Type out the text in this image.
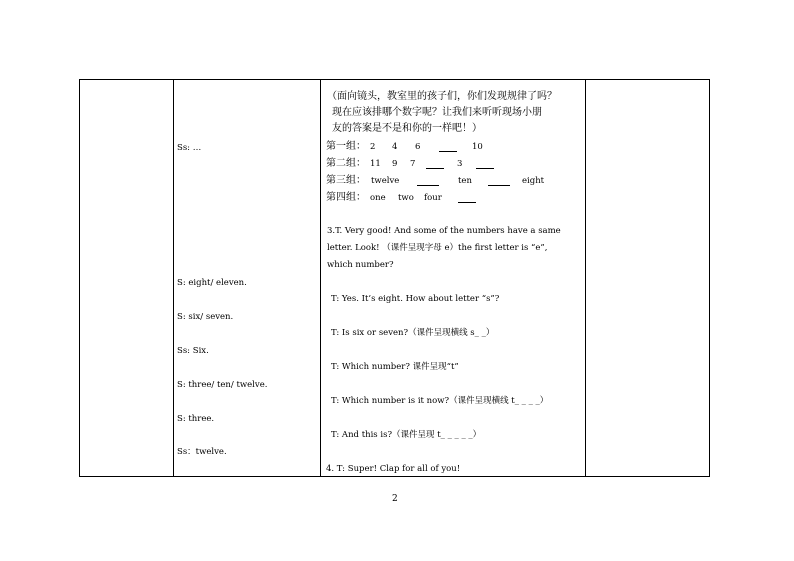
Ss: …
S: eight/ eleven.
S: six/ seven.
Ss: Six.
S: three/ ten/ twelve.
S: three.
Ss：twelve.
（面向镜头，教室里的孩子们，你们发现规律了吗？
现在应该排哪个数字呢？让我们来听听现场小朋
友的答案是不是和你的一样吧！）
第一组： 2 4 6	10
第二组： 11 9 7	3
第三组： twelve	ten	eight
第四组： one two four
3.T. Very good! And some of the numbers have a same
letter. Look! （课件呈现字母 e）the first letter is “e”,
which number?
T: Yes. It’s eight. How about letter “s”?
T: Is six or seven?（课件呈现横线 s_ _）
T: Which number? 课件呈现“t”
T: Which number is it now?（课件呈现横线 t_ _ _ _）
T: And this is?（课件呈现 t_ _ _ _ _）
4. T: Super! Clap for all of you!
2
